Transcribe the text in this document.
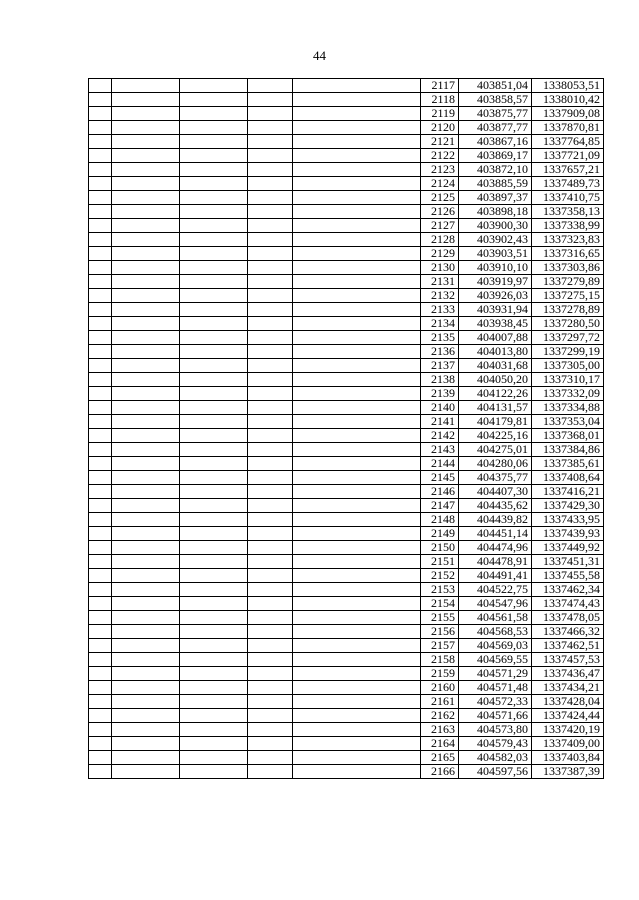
44
					2117	403851,04	1338053,51
					2118	403858,57	1338010,42
					2119	403875,77	1337909,08
					2120	403877,77	1337870,81
					2121	403867,16	1337764,85
					2122	403869,17	1337721,09
					2123	403872,10	1337657,21
					2124	403885,59	1337489,73
					2125	403897,37	1337410,75
					2126	403898,18	1337358,13
					2127	403900,30	1337338,99
					2128	403902,43	1337323,83
					2129	403903,51	1337316,65
					2130	403910,10	1337303,86
					2131	403919,97	1337279,89
					2132	403926,03	1337275,15
					2133	403931,94	1337278,89
					2134	403938,45	1337280,50
					2135	404007,88	1337297,72
					2136	404013,80	1337299,19
					2137	404031,68	1337305,00
					2138	404050,20	1337310,17
					2139	404122,26	1337332,09
					2140	404131,57	1337334,88
					2141	404179,81	1337353,04
					2142	404225,16	1337368,01
					2143	404275,01	1337384,86
					2144	404280,06	1337385,61
					2145	404375,77	1337408,64
					2146	404407,30	1337416,21
					2147	404435,62	1337429,30
					2148	404439,82	1337433,95
					2149	404451,14	1337439,93
					2150	404474,96	1337449,92
					2151	404478,91	1337451,31
					2152	404491,41	1337455,58
					2153	404522,75	1337462,34
					2154	404547,96	1337474,43
					2155	404561,58	1337478,05
					2156	404568,53	1337466,32
					2157	404569,03	1337462,51
					2158	404569,55	1337457,53
					2159	404571,29	1337436,47
					2160	404571,48	1337434,21
					2161	404572,33	1337428,04
					2162	404571,66	1337424,44
					2163	404573,80	1337420,19
					2164	404579,43	1337409,00
					2165	404582,03	1337403,84
					2166	404597,56	1337387,39
